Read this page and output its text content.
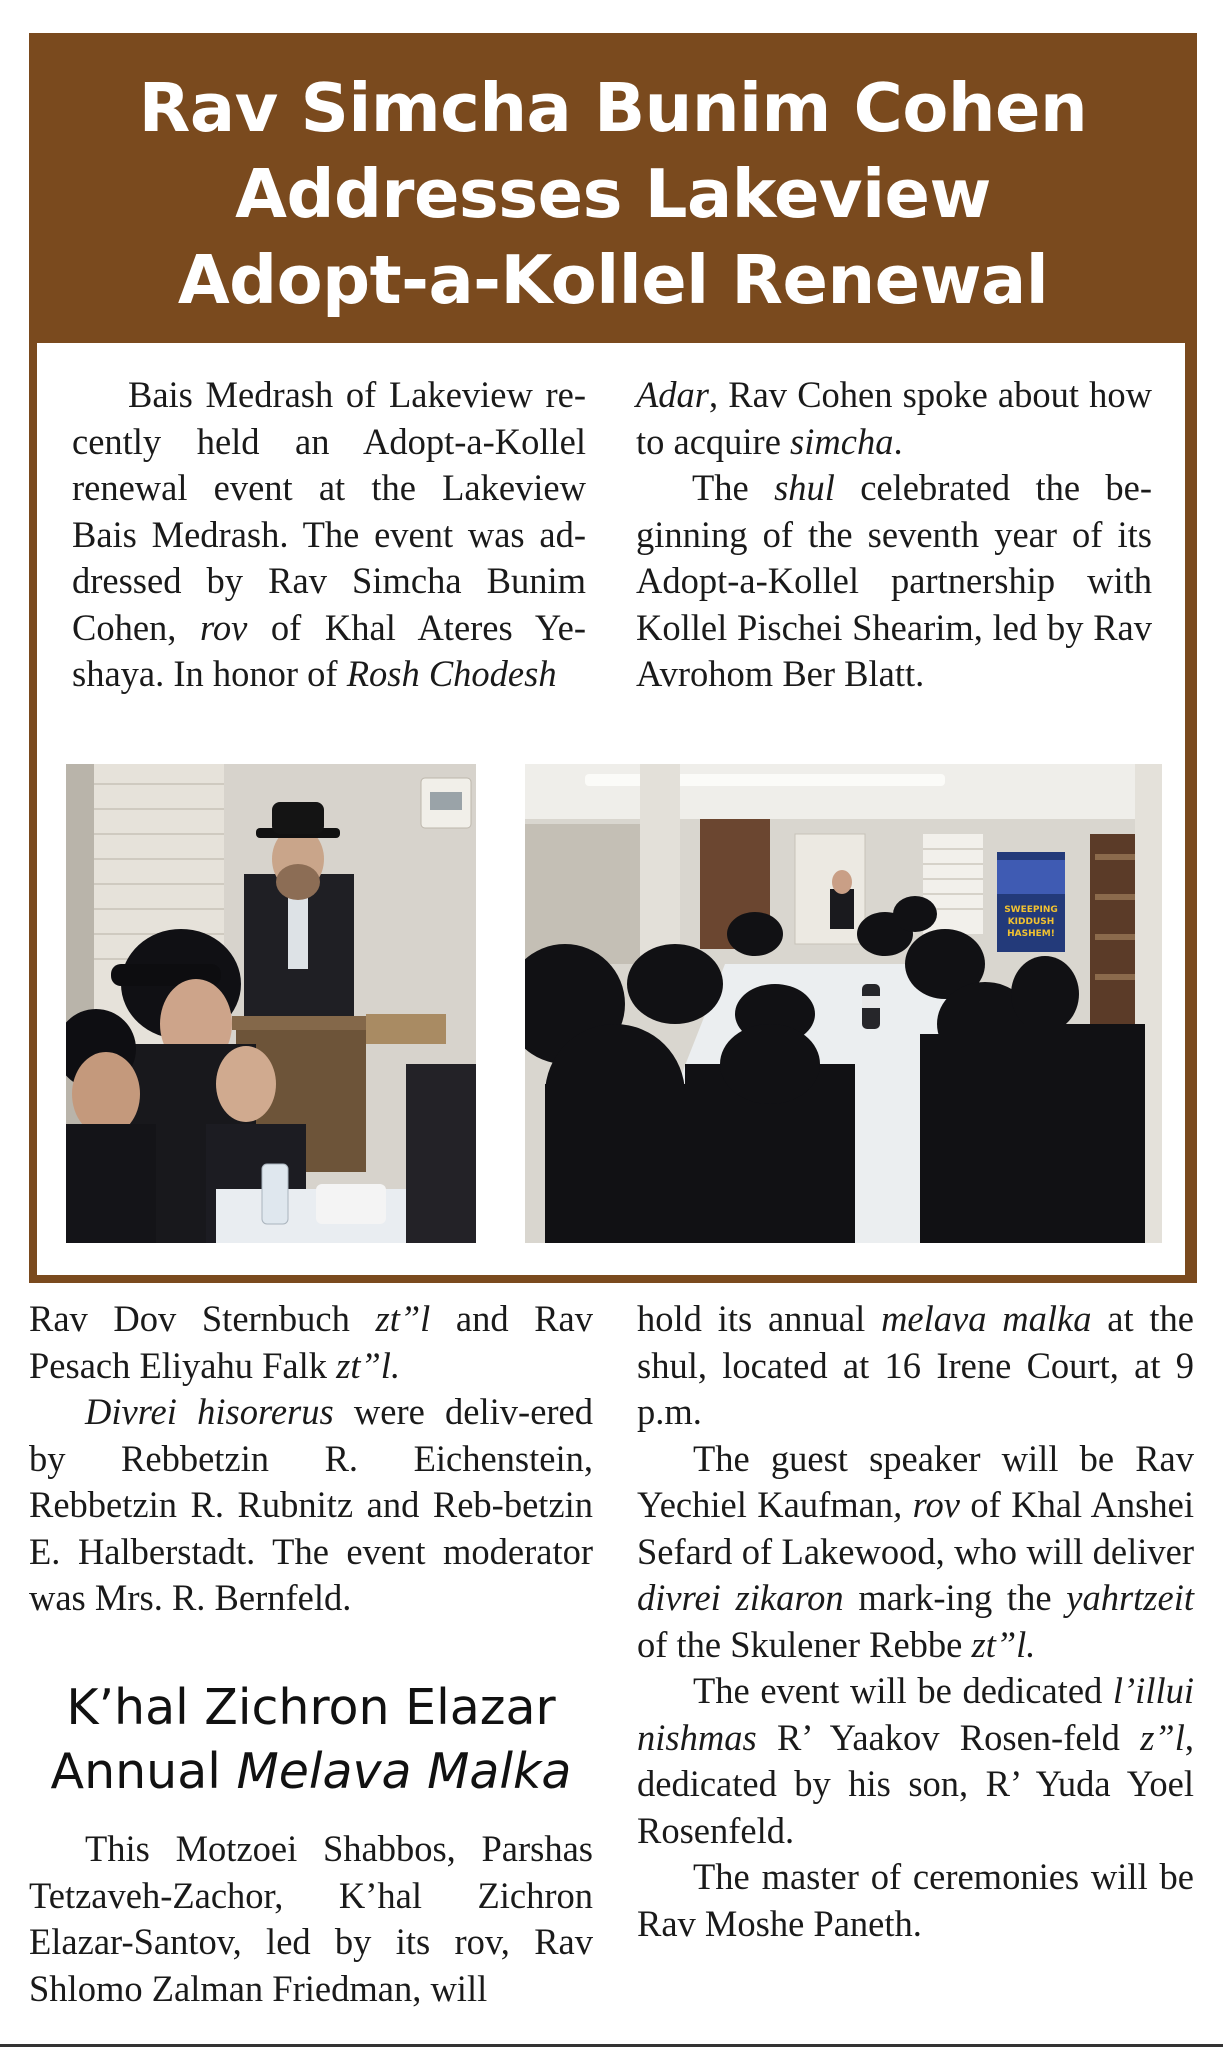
Rav Simcha Bunim Cohen
Addresses Lakeview
Adopt-a-Kollel Renewal

Bais Medrash of Lakeview re-cently held an Adopt-a-Kollel renewal event at the Lakeview Bais Medrash. The event was ad-dressed by Rav Simcha Bunim Cohen, rov of Khal Ateres Ye-shaya. In honor of Rosh Chodesh

Adar, Rav Cohen spoke about how to acquire simcha.

The shul celebrated the be-ginning of the seventh year of its Adopt-a-Kollel partnership with Kollel Pischei Shearim, led by Rav Avrohom Ber Blatt.

SWEEPING
KIDDUSH
HASHEM!

Rav Dov Sternbuch zt”l and Rav Pesach Eliyahu Falk zt”l.

Divrei hisorerus were deliv-ered by Rebbetzin R. Eichenstein, Rebbetzin R. Rubnitz and Reb-betzin E. Halberstadt. The event moderator was Mrs. R. Bernfeld.

K’hal Zichron Elazar
Annual Melava Malka

This Motzoei Shabbos, Parshas Tetzaveh-Zachor, K’hal Zichron Elazar-Santov, led by its rov, Rav Shlomo Zalman Friedman, will

hold its annual melava malka at the shul, located at 16 Irene Court, at 9 p.m.

The guest speaker will be Rav Yechiel Kaufman, rov of Khal Anshei Sefard of Lakewood, who will deliver divrei zikaron mark-ing the yahrtzeit of the Skulener Rebbe zt”l.

The event will be dedicated l’illui nishmas R’ Yaakov Rosen-feld z”l, dedicated by his son, R’ Yuda Yoel Rosenfeld.

The master of ceremonies will be Rav Moshe Paneth.
